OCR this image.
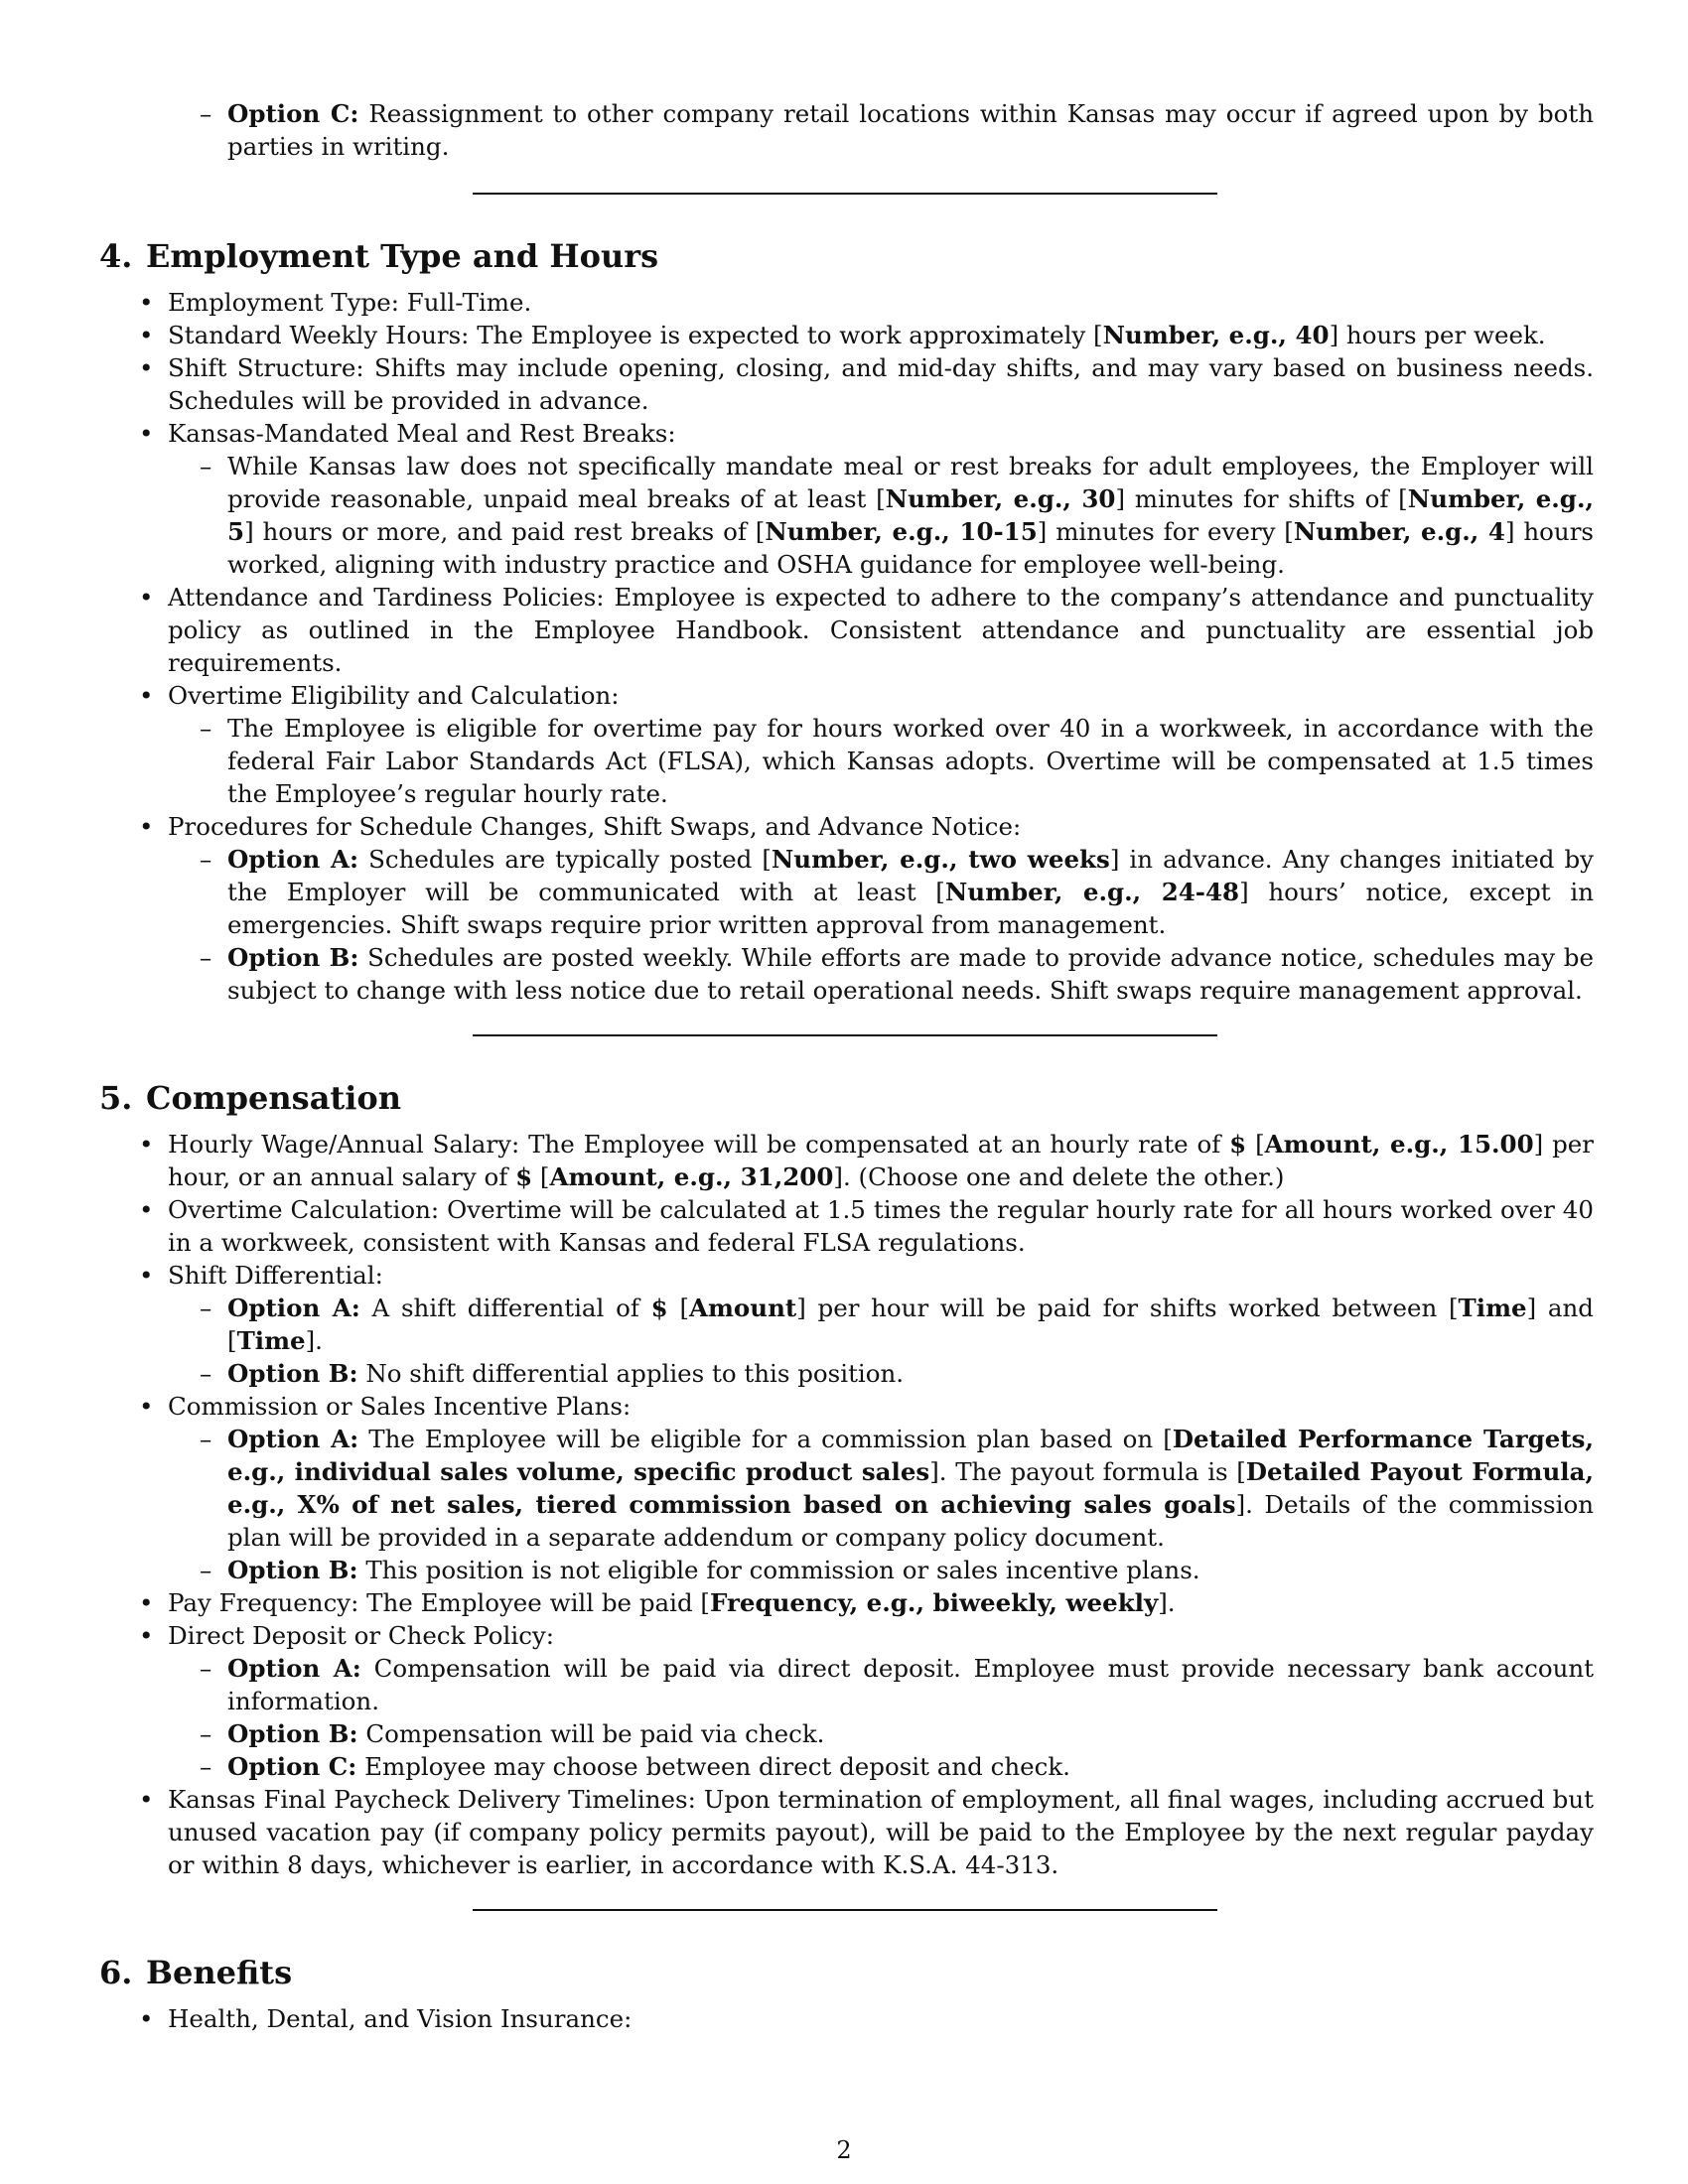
– Option C: Reassignment to other company retail locations within Kansas may occur if agreed upon by both parties in writing.
4. Employment Type and Hours
• Employment Type: Full-Time.
• Standard Weekly Hours: The Employee is expected to work approximately [Number, e.g., 40] hours per week.
• Shift Structure: Shifts may include opening, closing, and mid-day shifts, and may vary based on business needs. Schedules will be provided in advance.
• Kansas-Mandated Meal and Rest Breaks:
– While Kansas law does not specifically mandate meal or rest breaks for adult employees, the Employer will provide reasonable, unpaid meal breaks of at least [Number, e.g., 30] minutes for shifts of [Number, e.g., 5] hours or more, and paid rest breaks of [Number, e.g., 10-15] minutes for every [Number, e.g., 4] hours worked, aligning with industry practice and OSHA guidance for employee well-being.
• Attendance and Tardiness Policies: Employee is expected to adhere to the company’s attendance and punctuality policy as outlined in the Employee Handbook. Consistent attendance and punctuality are essential job requirements.
• Overtime Eligibility and Calculation:
– The Employee is eligible for overtime pay for hours worked over 40 in a workweek, in accordance with the federal Fair Labor Standards Act (FLSA), which Kansas adopts. Overtime will be compensated at 1.5 times the Employee’s regular hourly rate.
• Procedures for Schedule Changes, Shift Swaps, and Advance Notice:
– Option A: Schedules are typically posted [Number, e.g., two weeks] in advance. Any changes initiated by the Employer will be communicated with at least [Number, e.g., 24-48] hours’ notice, except in emergencies. Shift swaps require prior written approval from management.
– Option B: Schedules are posted weekly. While efforts are made to provide advance notice, schedules may be subject to change with less notice due to retail operational needs. Shift swaps require management approval.
5. Compensation
• Hourly Wage/Annual Salary: The Employee will be compensated at an hourly rate of $ [Amount, e.g., 15.00] per hour, or an annual salary of $ [Amount, e.g., 31,200]. (Choose one and delete the other.)
• Overtime Calculation: Overtime will be calculated at 1.5 times the regular hourly rate for all hours worked over 40 in a workweek, consistent with Kansas and federal FLSA regulations.
• Shift Differential:
– Option A: A shift differential of $ [Amount] per hour will be paid for shifts worked between [Time] and [Time].
– Option B: No shift differential applies to this position.
• Commission or Sales Incentive Plans:
– Option A: The Employee will be eligible for a commission plan based on [Detailed Performance Targets, e.g., individual sales volume, specific product sales]. The payout formula is [Detailed Payout Formula, e.g., X% of net sales, tiered commission based on achieving sales goals]. Details of the commission plan will be provided in a separate addendum or company policy document.
– Option B: This position is not eligible for commission or sales incentive plans.
• Pay Frequency: The Employee will be paid [Frequency, e.g., biweekly, weekly].
• Direct Deposit or Check Policy:
– Option A: Compensation will be paid via direct deposit. Employee must provide necessary bank account information.
– Option B: Compensation will be paid via check.
– Option C: Employee may choose between direct deposit and check.
• Kansas Final Paycheck Delivery Timelines: Upon termination of employment, all final wages, including accrued but unused vacation pay (if company policy permits payout), will be paid to the Employee by the next regular payday or within 8 days, whichever is earlier, in accordance with K.S.A. 44-313.
6. Benefits
• Health, Dental, and Vision Insurance:
2
